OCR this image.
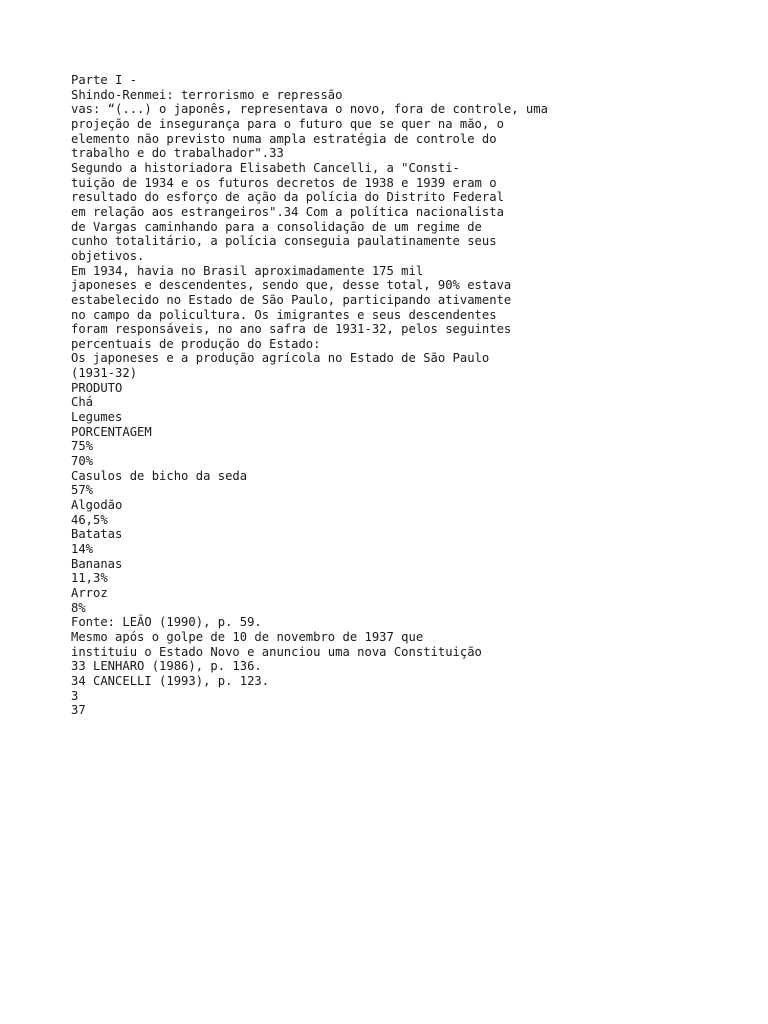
Parte I -
Shindo-Renmei: terrorismo e repressão
vas: “(...) o japonês, representava o novo, fora de controle, uma
projeção de insegurança para o futuro que se quer na mão, o
elemento não previsto numa ampla estratégia de controle do
trabalho e do trabalhador".33
Segundo a historiadora Elisabeth Cancelli, a "Consti-
tuição de 1934 e os futuros decretos de 1938 e 1939 eram o
resultado do esforço de ação da polícia do Distrito Federal
em relação aos estrangeiros".34 Com a política nacionalista
de Vargas caminhando para a consolidação de um regime de
cunho totalitário, a polícia conseguia paulatinamente seus
objetivos.
Em 1934, havia no Brasil aproximadamente 175 mil
japoneses e descendentes, sendo que, desse total, 90% estava
estabelecido no Estado de São Paulo, participando ativamente
no campo da policultura. Os imigrantes e seus descendentes
foram responsáveis, no ano safra de 1931-32, pelos seguintes
percentuais de produção do Estado:
Os japoneses e a produção agrícola no Estado de São Paulo
(1931-32)
PRODUTO
Chá
Legumes
PORCENTAGEM
75%
70%
Casulos de bicho da seda
57%
Algodão
46,5%
Batatas
14%
Bananas
11,3%
Arroz
8%
Fonte: LEÃO (1990), p. 59.
Mesmo após o golpe de 10 de novembro de 1937 que
instituiu o Estado Novo e anunciou uma nova Constituição
33 LENHARO (1986), p. 136.
34 CANCELLI (1993), p. 123.
3
37
